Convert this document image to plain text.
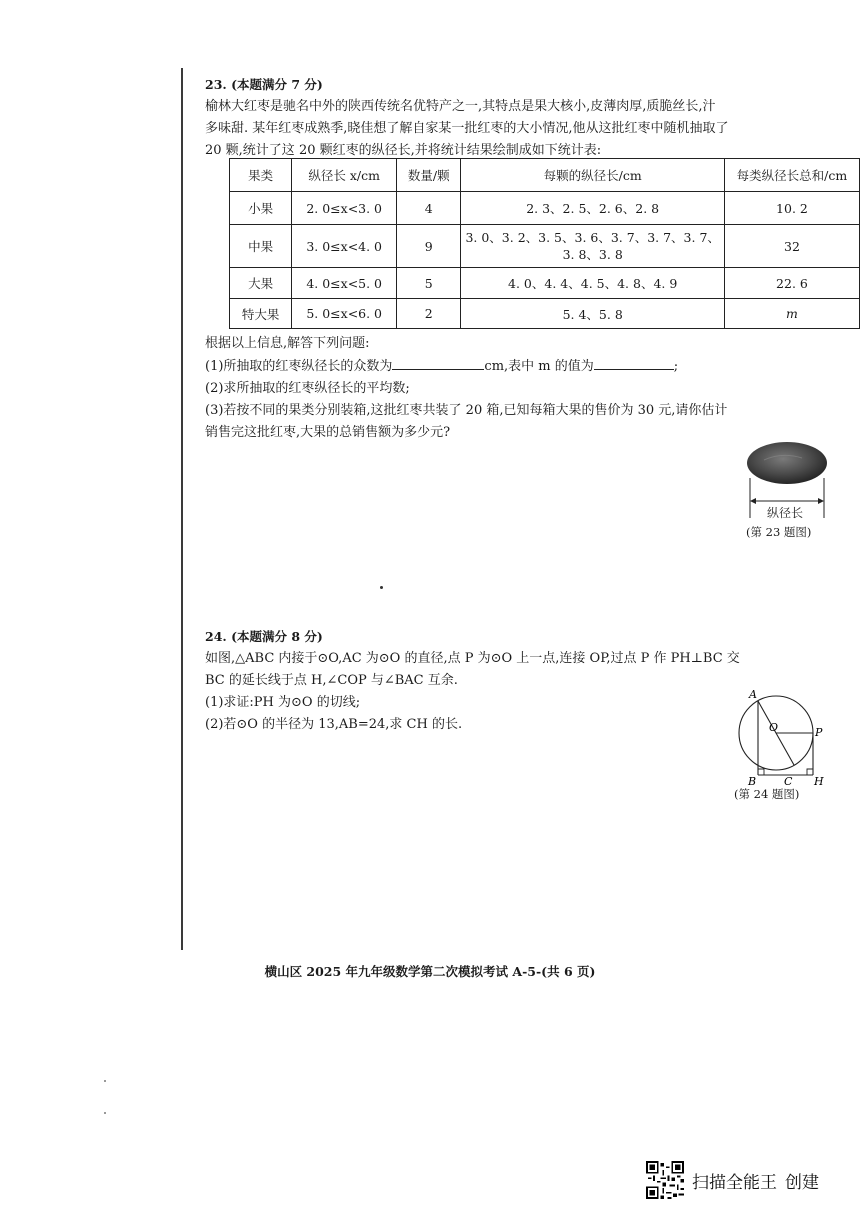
23. (本题满分 7 分)
榆林大红枣是驰名中外的陕西传统名优特产之一,其特点是果大核小,皮薄肉厚,质脆丝长,汁
多味甜. 某年红枣成熟季,晓佳想了解自家某一批红枣的大小情况,他从这批红枣中随机抽取了
20 颗,统计了这 20 颗红枣的纵径长,并将统计结果绘制成如下统计表:
果类	纵径长 x/cm	数量/颗	每颗的纵径长/cm	每类纵径长总和/cm
小果	2. 0≤x<3. 0	4	2. 3、2. 5、2. 6、2. 8	10. 2
中果	3. 0≤x<4. 0	9	3. 0、3. 2、3. 5、3. 6、3. 7、3. 7、3. 7、
3. 8、3. 8	32
大果	4. 0≤x<5. 0	5	4. 0、4. 4、4. 5、4. 8、4. 9	22. 6
特大果	5. 0≤x<6. 0	2	5. 4、5. 8	m
根据以上信息,解答下列问题:
(1)所抽取的红枣纵径长的众数为	cm,表中 m 的值为	;
(2)求所抽取的红枣纵径长的平均数;
(3)若按不同的果类分别装箱,这批红枣共装了 20 箱,已知每箱大果的售价为 30 元,请你估计
销售完这批红枣,大果的总销售额为多少元?
纵径长
(第 23 题图)
24. (本题满分 8 分)
如图,△ABC 内接于⊙O,AC 为⊙O 的直径,点 P 为⊙O 上一点,连接 OP,过点 P 作 PH⊥BC 交
BC 的延长线于点 H,∠COP 与∠BAC 互余.
(1)求证:PH 为⊙O 的切线;
(2)若⊙O 的半径为 13,AB=24,求 CH 的长.
A
O	P
B	C H
(第 24 题图)
横山区 2025 年九年级数学第二次模拟考试 A-5-(共 6 页)
扫描全能王 创建
